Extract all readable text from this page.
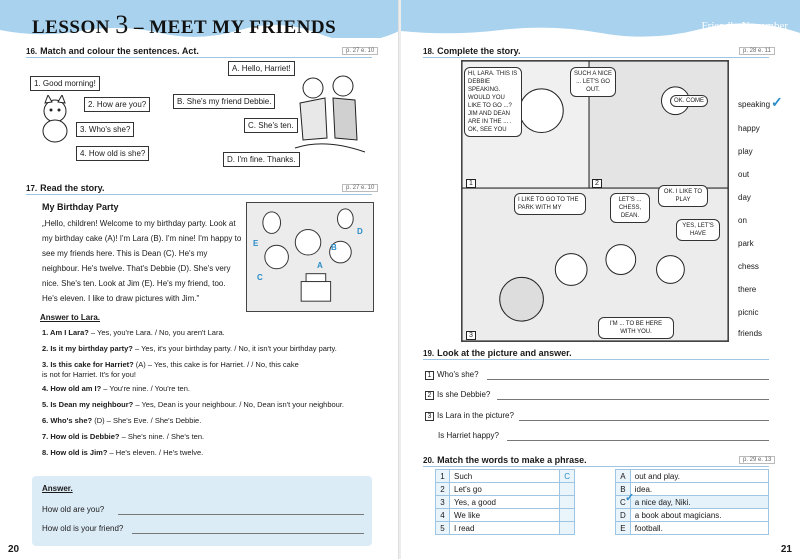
LESSON 3 – MEET MY FRIENDS
16. Match and colour the sentences. Act.	p. 27 e. 10
1. Good morning!
2. How are you?
3. Who's she?
4. How old is she?
A. Hello, Harriet!
B. She's my friend Debbie.
C. She's ten.
D. I'm fine. Thanks.
17. Read the story.	p. 27 e. 10
My Birthday Party
„Hello, children! Welcome to my birthday party. Look at my birthday cake (A)! I'm Lara (B). I'm nine! I'm happy to see my friends here. This is Dean (C). He's my neighbour. He's twelve. That's Debbie (D). She's very nice. She's ten. Look at Jim (E). He's my friend, too. He's eleven. I like to draw pictures with Jim."
A
B
C
D
E
Answer to Lara.
1. Am I Lara? – Yes, you're Lara. / No, you aren't Lara.
2. Is it my birthday party? – Yes, it's your birthday party. / No, it isn't your birthday party.
3. Is this cake for Harriet? (A) – Yes, this cake is for Harriet. / / No, this cake is not for Harriet. It's for you!
4. How old am I? – You're nine. / You're ten.
5. Is Dean my neighbour? – Yes, Dean is your neighbour. / No, Dean isn't your neighbour.
6. Who's she? (D) – She's Eve. / She's Debbie.
7. How old is Debbie? – She's nine. / She's ten.
8. How old is Jim? – He's eleven. / He's twelve.
Answer.
How old are you?
How old is your friend?
20
Friendly November
18. Complete the story.	p. 28 e. 11
HI, LARA. THIS IS DEBBIE SPEAKING. WOULD YOU LIKE TO GO ...? JIM AND DEAN ARE IN THE ... . OK, SEE YOU
SUCH A NICE ... LET'S GO OUT.
OK. COME
I LIKE TO GO TO THE PARK WITH MY
LET'S ... CHESS, DEAN.
OK. I LIKE TO PLAY
YES, LET'S HAVE
I'M ... TO BE HERE WITH YOU.
1	2
3
speaking ✓
happy
play
out
day
on
park
chess
there
picnic
friends
19. Look at the picture and answer.
1 Who's she?
2 Is she Debbie?
3 Is Lara in the picture?
Is Harriet happy?
20. Match the words to make a phrase.	p. 29 e. 13
1	Such	C
2	Let's go	
3	Yes, a good	
4	We like	
5	I read	
A	out and play.
B	idea.
C	a nice day, Niki.
D	a book about magicians.
E	football.
✓
21
